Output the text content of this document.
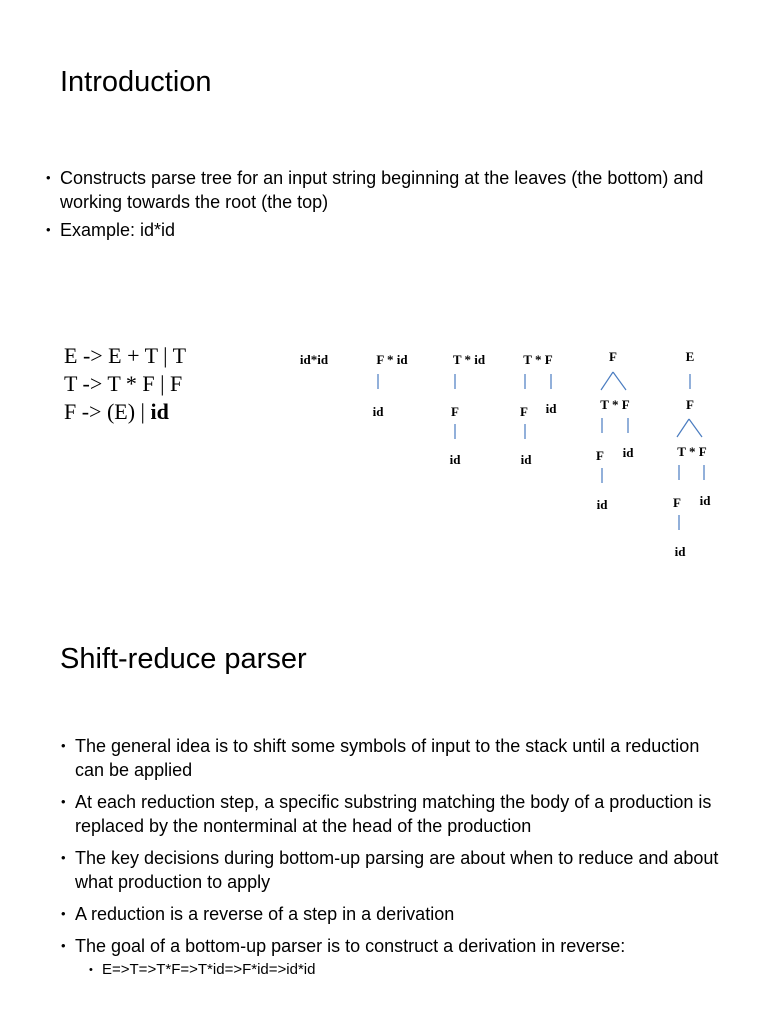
Introduction
• Constructs parse tree for an input string beginning at the leaves (the bottom) and working towards the root (the top)
• Example: id*id
E -> E + T | T
T -> T * F | F
F -> (E) | id
id*id	F * id
id
T * id
F
id
T * F
F id
id
F
T * F
F id
id
E
F
T * F
F id
id
Shift-reduce parser
• The general idea is to shift some symbols of input to the stack until a reduction can be applied
• At each reduction step, a specific substring matching the body of a production is replaced by the nonterminal at the head of the production
• The key decisions during bottom-up parsing are about when to reduce and about what production to apply
• A reduction is a reverse of a step in a derivation
• The goal of a bottom-up parser is to construct a derivation in reverse:
• E=>T=>T*F=>T*id=>F*id=>id*id
